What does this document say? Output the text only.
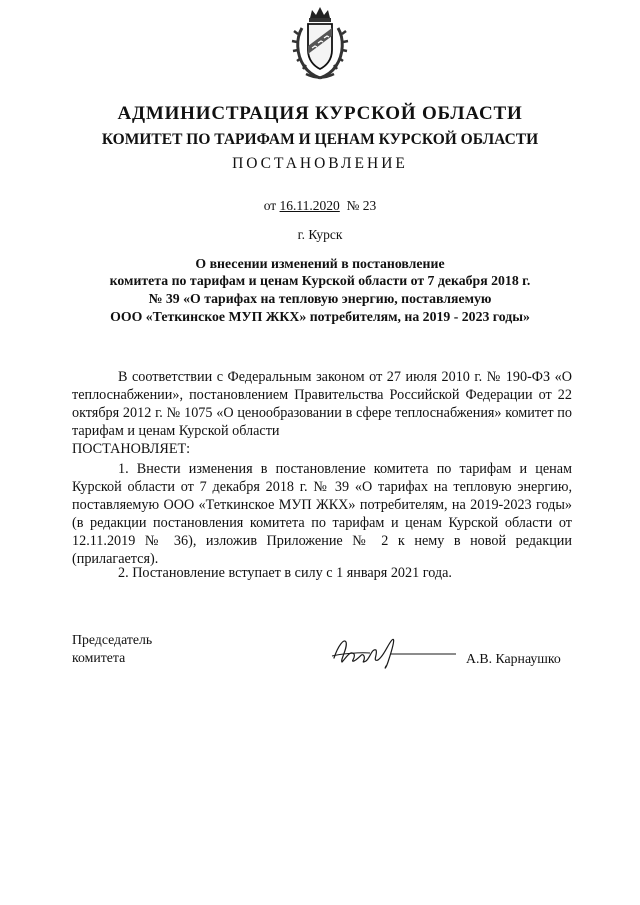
АДМИНИСТРАЦИЯ КУРСКОЙ ОБЛАСТИ
КОМИТЕТ ПО ТАРИФАМ И ЦЕНАМ КУРСКОЙ ОБЛАСТИ
ПОСТАНОВЛЕНИЕ
от 16.11.2020 № 23
г. Курск
О внесении изменений в постановление
комитета по тарифам и ценам Курской области от 7 декабря 2018 г.
№ 39 «О тарифах на тепловую энергию, поставляемую
ООО «Теткинское МУП ЖКХ» потребителям, на 2019 - 2023 годы»

В соответствии с Федеральным законом от 27 июля 2010 г. № 190-ФЗ «О теплоснабжении», постановлением Правительства Российской Федерации от 22 октября 2012 г. № 1075 «О ценообразовании в сфере теплоснабжения» комитет по тарифам и ценам Курской области

ПОСТАНОВЛЯЕТ:

1. Внести изменения в постановление комитета по тарифам и ценам Курской области от 7 декабря 2018 г. № 39 «О тарифах на тепловую энергию, поставляемую ООО «Теткинское МУП ЖКХ» потребителям, на 2019-2023 годы» (в редакции постановления комитета по тарифам и ценам Курской области от 12.11.2019 № 36), изложив Приложение № 2 к нему в новой редакции (прилагается).

2. Постановление вступает в силу с 1 января 2021 года.

Председатель
комитета	А.В. Карнаушко
